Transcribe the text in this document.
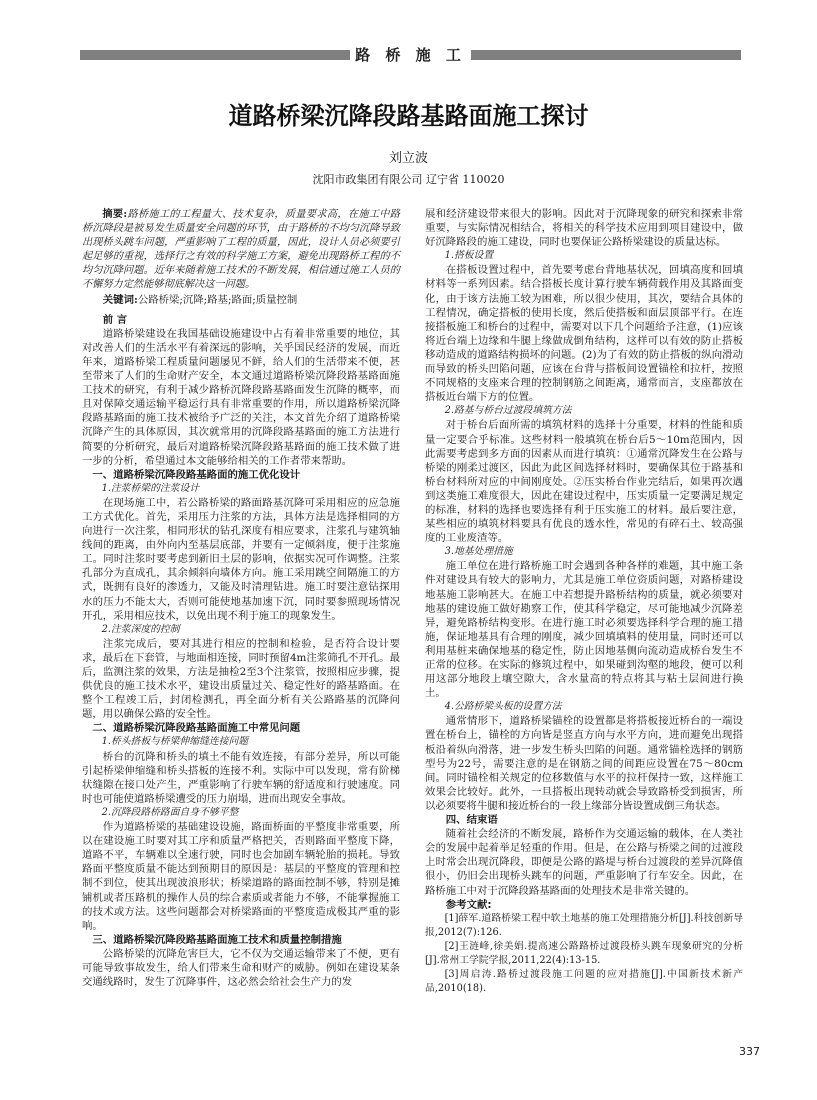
路 桥 施 工
道路桥梁沉降段路基路面施工探讨
刘立波
沈阳市政集团有限公司 辽宁省 110020

摘要:路桥施工的工程量大、技术复杂，质量要求高，在施工中路桥沉降段是被易发生质量安全问题的环节，由于路桥的不均匀沉降导致出现桥头跳车问题，严重影响了工程的质量，因此，设计人员必须要引起足够的重视，选择行之有效的科学施工方案，避免出现路桥工程的不均匀沉降问题。近年来随着施工技术的不断发展，相信通过施工人员的不懈努力定然能够彻底解决这一问题。

关键词:公路桥梁;沉降;路基;路面;质量控制

前 言

道路桥梁建设在我国基础设施建设中占有着非常重要的地位，其对改善人们的生活水平有着深远的影响，关乎国民经济的发展，而近年来，道路桥梁工程质量问题屡见不鲜，给人们的生活带来不便，甚至带来了人们的生命财产安全，本文通过道路桥梁沉降段路基路面施工技术的研究，有利于减少路桥沉降段路基路面发生沉降的概率，而且对保障交通运输平稳运行具有非常重要的作用，所以道路桥梁沉降段路基路面的施工技术被给予广泛的关注，本文首先介绍了道路桥梁沉降产生的具体原因，其次就常用的沉降段路基路面的施工方法进行简要的分析研究，最后对道路桥梁沉降段路基路面的施工技术做了进一步的分析，希望通过本文能够给相关的工作者带来帮助。

一、道路桥梁沉降段路基路面的施工优化设计

1.注浆桥梁的注浆设计

在现场施工中，若公路桥梁的路面路基沉降可采用相应的应急施工方式优化。首先，采用压力注浆的方法，具体方法是选择相同的方向进行一次注浆，相同形状的钻孔深度有相应要求，注浆孔与建筑轴线间的距离，由外向内至基层底部，并要有一定倾斜度，便于注浆施工。同时注浆时要考虑到新旧土层的影响，依据实况可作调整。注浆孔部分为直成孔，其余倾斜向墙体方向。施工采用跳空间隔施工的方式，既拥有良好的渗透力，又能及时清理钻进。施工时要注意钻探用水的压力不能太大，否则可能使地基加速下沉，同时要参照现场情况开孔，采用相应技术，以免出现不利于施工的现象发生。

2.注浆深度的控制

注浆完成后，要对其进行相应的控制和检验，是否符合设计要求，最后在下套管，与地面相连接，同时预留4m注浆筛孔不开孔。最后，监测注浆的效果，方法是抽检2至3个注浆管，按照相应步骤，提供优良的施工技术水平，建设出质量过关、稳定性好的路基路面。在整个工程竣工后，封闭检测孔，再全面分析有关公路路基的沉降问题，用以确保公路的安全性。

二、道路桥梁沉降段路基路面施工中常见问题

1.桥头搭板与桥梁伸缩缝连接问题

桥台的沉降和桥头的填土不能有效连接，有部分差异，所以可能引起桥梁伸缩缝和桥头搭板的连接不利。实际中可以发现，常有阶梯状缝隙在接口处产生，严重影响了行驶车辆的舒适度和行驶速度。同时也可能使道路桥梁遭受的压力崩塌，进而出现安全事故。

2.沉降段路桥路面自身不够平整

作为道路桥梁的基础建设设施，路面桥面的平整度非常重要，所以在建设施工时要对其工序和质量严格把关，否则路面平整度下降，道路不平，车辆难以全速行驶，同时也会加剧车辆轮胎的损耗。导致路面平整度质量不能达到预期目的原因是：基层的平整度的管理和控制不到位，使其出现波浪形状；桥梁道路的路面控制不够，特别是摊铺机或者压路机的操作人员的综合素质或者能力不够，不能掌握施工的技术或方法。这些问题都会对桥梁路面的平整度造成极其严重的影响。

三、道路桥梁沉降段路基路面施工技术和质量控制措施

公路桥梁的沉降危害巨大，它不仅为交通运输带来了不便，更有可能导致事故发生，给人们带来生命和财产的威胁。例如在建设某条交通线路时，发生了沉降事件，这必然会给社会生产力的发

展和经济建设带来很大的影响。因此对于沉降现象的研究和探索非常重要，与实际情况相结合，将相关的科学技术应用到项目建设中，做好沉降路段的施工建设，同时也要保证公路桥梁建设的质量达标。

1.搭板设置

在搭板设置过程中，首先要考虑台背地基状况，回填高度和回填材料等一系列因素。结合搭板长度计算行驶车辆荷载作用及其路面变化，由于该方法施工较为困难，所以很少使用，其次，要结合具体的工程情况，确定搭板的使用长度，然后使搭板和面层顶部平行。在连接搭板施工和桥台的过程中，需要对以下几个问题给予注意，(1)应该将近台端上边缘和牛腿上缘做成倒角结构，这样可以有效的防止搭板移动造成的道路结构损坏的问题。(2)为了有效的防止搭板的纵向滑动而导致的桥头凹陷问题，应该在台背与搭板间设置锚栓和拉杆，按照不同规格的支座来合理的控制钢筋之间距离，通常而言，支座都放在搭板近台端下方的位置。

2.路基与桥台过渡段填筑方法

对于桥台后面所需的填筑材料的选择十分重要，材料的性能和质量一定要合乎标准。这些材料一般填筑在桥台后5～10m范围内，因此需要考虑到多方面的因素从而进行填筑：①通常沉降发生在公路与桥梁的刚柔过渡区，因此为此区间选择材料时，要确保其位于路基和桥台材料所对应的中间刚度处。②压实桥台作业完结后，如果再次遇到这类施工难度很大，因此在建设过程中，压实质量一定要满足规定的标准，材料的选择也要选择有利于压实施工的材料。最后要注意，某些相应的填筑材料要具有优良的透水性，常见的有碎石土、较高强度的工业废渣等。

3.地基处理措施

施工单位在进行路桥施工时会遇到各种各样的难题，其中施工条件对建设具有较大的影响力，尤其是施工单位资质问题，对路桥建设地基施工影响甚大。在施工中若想提升路桥结构的质量，就必须要对地基的建设施工做好勘察工作，使其科学稳定，尽可能地减少沉降差异，避免路桥结构变形。在进行施工时必须要选择科学合理的施工措施，保证地基具有合理的刚度，减少回填填料的使用量，同时还可以利用基桩来确保地基的稳定性，防止因地基侧向流动造成桥台发生不正常的位移。在实际的修筑过程中，如果碰到沟壑的地段，便可以利用这部分地段上壤空隙大，含水量高的特点将其与粘土层间进行换土。

4.公路桥梁头板的设置方法

通常情形下，道路桥梁锚栓的设置都是将搭板接近桥台的一端设置在桥台上，锚栓的方向皆是竖直方向与水平方向，进而避免出现搭板沿着纵向滑落，进一步发生桥头凹陷的问题。通常锚栓选择的钢筋型号为22号，需要注意的是在钢筋之间的间距应设置在75～80cm间。同时锚栓相关规定的位移数值与水平的拉杆保持一致，这样施工效果会比较好。此外，一旦搭板出现转动就会导致路桥受到损害，所以必须要将牛腿和接近桥台的一段上缘部分皆设置成倒三角状态。

四、结束语

随着社会经济的不断发展，路桥作为交通运输的载体，在人类社会的发展中起着举足轻重的作用。但是，在公路与桥梁之间的过渡段上时常会出现沉降段，即便是公路的路堤与桥台过渡段的差异沉降值很小，仍旧会出现桥头跳车的问题，严重影响了行车安全。因此，在路桥施工中对于沉降段路基路面的处理技术是非常关键的。

参考文献:

[1]薛军.道路桥梁工程中软土地基的施工处理措施分析[J].科技创新导报,2012(7):126.

[2]王涟峰,徐美娟.提高速公路路桥过渡段桥头跳车现象研究的分析[J].常州工学院学报,2011,22(4):13-15.

[3]周启涛.路桥过渡段施工问题的应对措施[J].中国新技术新产品,2010(18).

337
